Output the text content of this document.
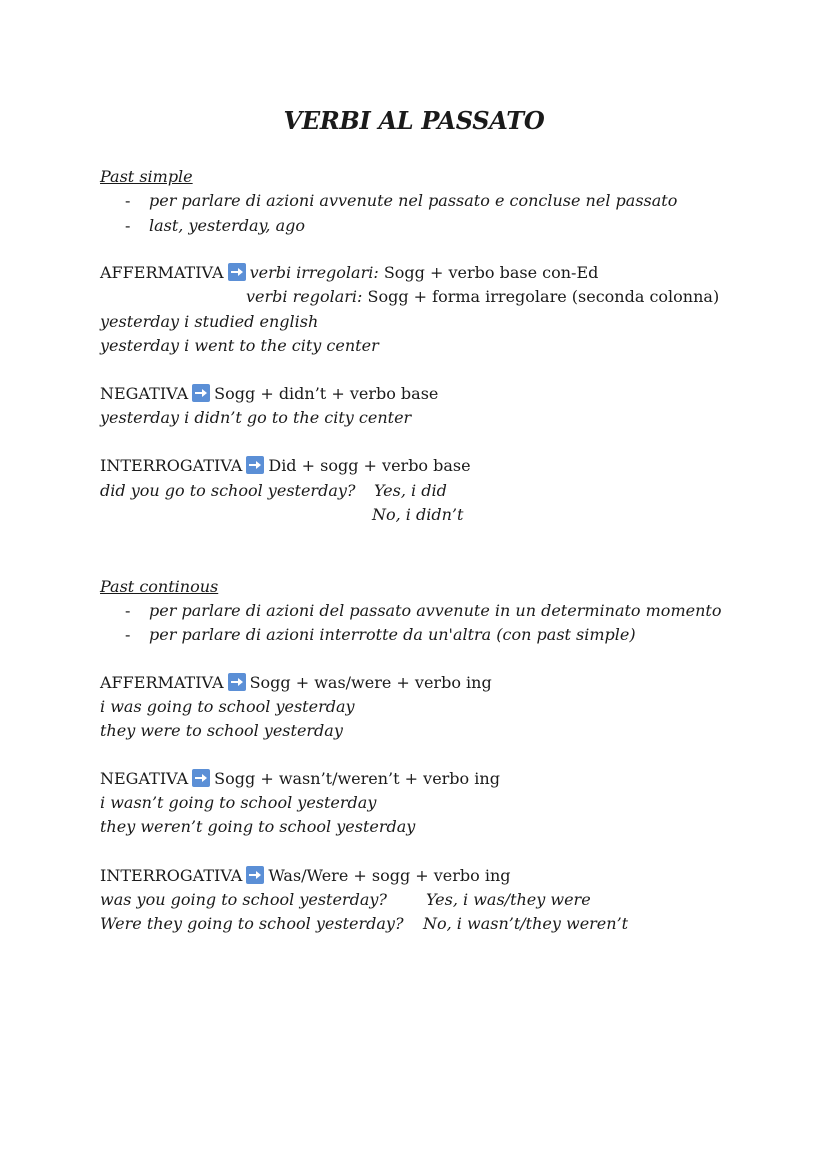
VERBI AL PASSATO
Past simple
- per parlare di azioni avvenute nel passato e concluse nel passato
- last, yesterday, ago
AFFERMATIVA verbi irregolari: Sogg + verbo base con-Ed
verbi regolari: Sogg + forma irregolare (seconda colonna)
yesterday i studied english
yesterday i went to the city center
NEGATIVA Sogg + didn’t + verbo base
yesterday i didn’t go to the city center
INTERROGATIVA Did + sogg + verbo base
did you go to school yesterday? Yes, i did
No, i didn’t
Past continous
- per parlare di azioni del passato avvenute in un determinato momento
- per parlare di azioni interrotte da un'altra (con past simple)
AFFERMATIVA Sogg + was/were + verbo ing
i was going to school yesterday
they were to school yesterday
NEGATIVA Sogg + wasn’t/weren’t + verbo ing
i wasn’t going to school yesterday
they weren’t going to school yesterday
INTERROGATIVA Was/Were + sogg + verbo ing
was you going to school yesterday? Yes, i was/they were
Were they going to school yesterday? No, i wasn’t/they weren’t
